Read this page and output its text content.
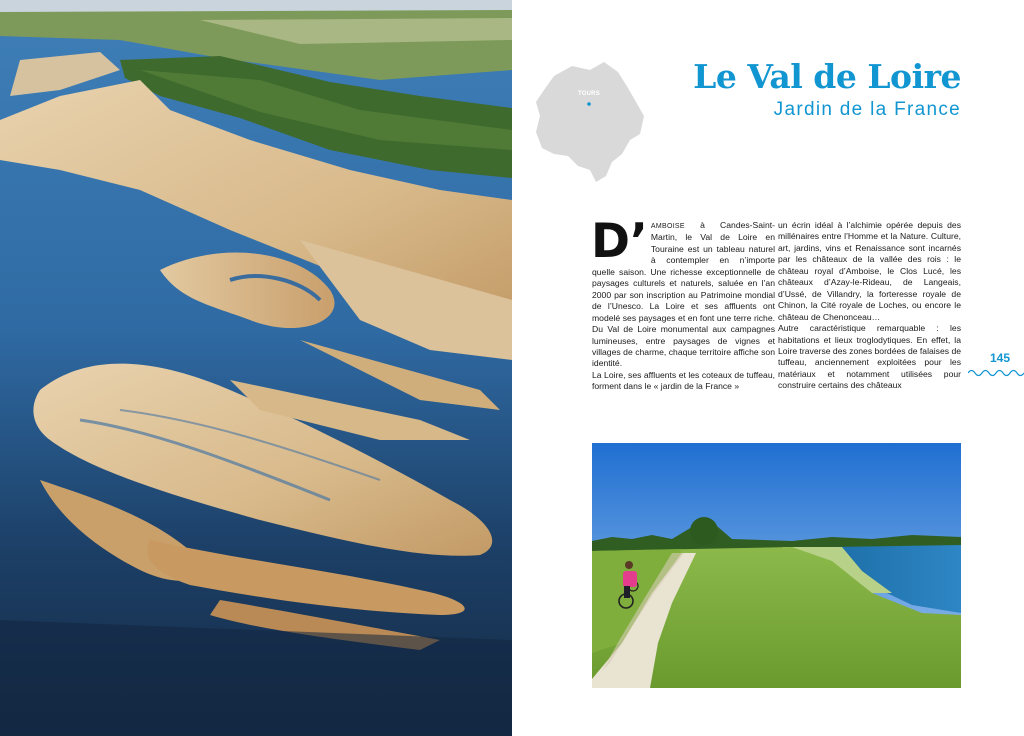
TOURS	Le Val de Loire
Jardin de la France

D’ AMBOISE à Candes-Saint-Martin, le Val de Loire en Touraine est un tableau naturel à contempler en n’importe quelle saison. Une richesse exceptionnelle de paysages culturels et naturels, saluée en l’an 2000 par son inscription au Patrimoine mondial de l’Unesco. La Loire et ses affluents ont modelé ses paysages et en font une terre riche. Du Val de Loire monumental aux campagnes lumineuses, entre paysages de vignes et villages de charme, chaque territoire affiche son identité.

La Loire, ses affluents et les coteaux de tuffeau, forment dans le « jardin de la France »

un écrin idéal à l’alchimie opérée depuis des millénaires entre l’Homme et la Nature. Culture, art, jardins, vins et Renaissance sont incarnés par les châteaux de la vallée des rois : le château royal d’Amboise, le Clos Lucé, les châteaux d’Azay-le-Rideau, de Langeais, d’Ussé, de Villandry, la forteresse royale de Chinon, la Cité royale de Loches, ou encore le château de Chenonceau…

Autre caractéristique remarquable : les habitations et lieux troglodytiques. En effet, la Loire traverse des zones bordées de falaises de tuffeau, anciennement exploitées pour les matériaux et notamment utilisées pour construire certains des châteaux

145
